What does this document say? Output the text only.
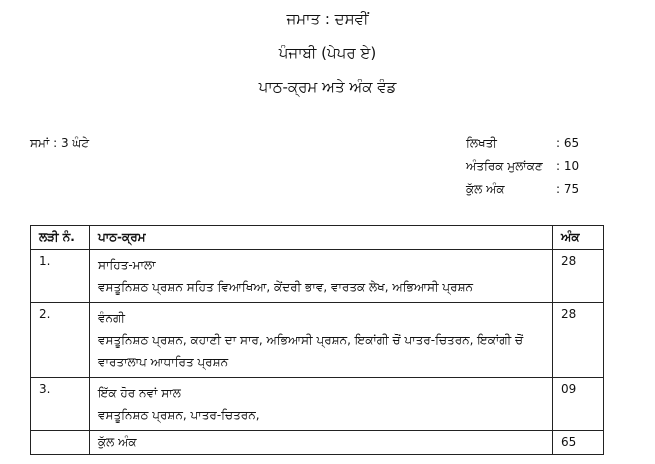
ਜਮਾਤ : ਦਸਵੀਂ
ਪੰਜਾਬੀ (ਪੇਪਰ ਏ)
ਪਾਠ-ਕ੍ਰਮ ਅਤੇ ਅੰਕ ਵੰਡ
ਸਮਾਂ : 3 ਘੰਟੇ	ਲਿਖਤੀ	: 65
ਅੰਤਰਿਕ ਮੁਲਾਂਕਣ : 10
ਕੁੱਲ ਅੰਕ	: 75
ਲੜੀ ਨੰ.	ਪਾਠ-ਕ੍ਰਮ	ਅੰਕ
1.	ਸਾਹਿਤ-ਮਾਲਾ
ਵਸਤੂਨਿਸ਼ਠ ਪ੍ਰਸ਼ਨ ਸਹਿਤ ਵਿਆਖਿਆ, ਕੇਂਦਰੀ ਭਾਵ, ਵਾਰਤਕ ਲੇਖ, ਅਭਿਆਸੀ ਪ੍ਰਸ਼ਨ	28
2.	ਵੰਨਗੀ
ਵਸਤੂਨਿਸ਼ਠ ਪ੍ਰਸ਼ਨ, ਕਹਾਣੀ ਦਾ ਸਾਰ, ਅਭਿਆਸੀ ਪ੍ਰਸ਼ਨ, ਇਕਾਂਗੀ ਚੋਂ ਪਾਤਰ-ਚਿਤਰਨ, ਇਕਾਂਗੀ ਚੋਂ ਵਾਰਤਾਲਾਪ ਆਧਾਰਿਤ ਪ੍ਰਸ਼ਨ	28
3.	ਇੱਕ ਹੋਰ ਨਵਾਂ ਸਾਲ
ਵਸਤੂਨਿਸ਼ਠ ਪ੍ਰਸ਼ਨ, ਪਾਤਰ-ਚਿਤਰਨ,	09
	ਕੁੱਲ ਅੰਕ	65
